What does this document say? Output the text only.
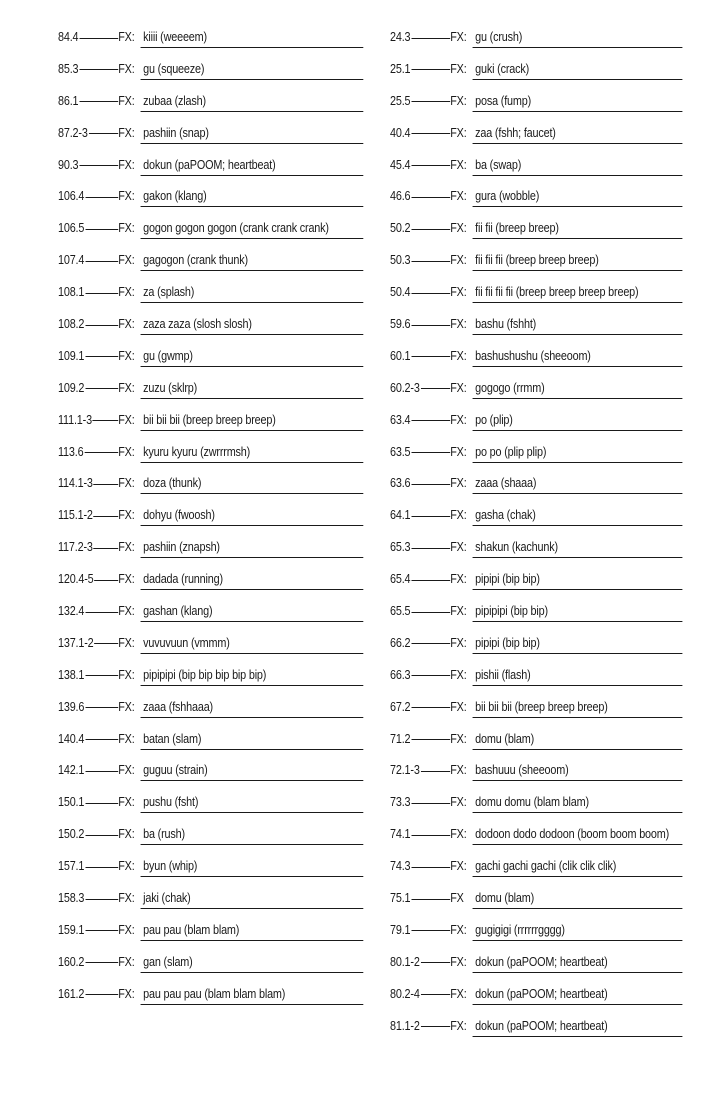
84.4	FX: kiiii (weeeem)
85.3	FX: gu (squeeze)
86.1	FX: zubaa (zlash)
87.2-3	FX: pashiin (snap)
90.3	FX: dokun (paPOOM; heartbeat)
106.4	FX: gakon (klang)
106.5	FX: gogon gogon gogon (crank crank crank)
107.4	FX: gagogon (crank thunk)
108.1	FX: za (splash)
108.2	FX: zaza zaza (slosh slosh)
109.1	FX: gu (gwmp)
109.2	FX: zuzu (sklrp)
111.1-3	FX: bii bii bii (breep breep breep)
113.6	FX: kyuru kyuru (zwrrrmsh)
114.1-3	FX: doza (thunk)
115.1-2	FX: dohyu (fwoosh)
117.2-3	FX: pashiin (znapsh)
120.4-5	FX: dadada (running)
132.4	FX: gashan (klang)
137.1-2	FX: vuvuvuun (vmmm)
138.1	FX: pipipipi (bip bip bip bip bip)
139.6	FX: zaaa (fshhaaa)
140.4	FX: batan (slam)
142.1	FX: guguu (strain)
150.1	FX: pushu (fsht)
150.2	FX: ba (rush)
157.1	FX: byun (whip)
158.3	FX: jaki (chak)
159.1	FX: pau pau (blam blam)
160.2	FX: gan (slam)
161.2	FX: pau pau pau (blam blam blam)
24.3	FX: gu (crush)
25.1	FX: guki (crack)
25.5	FX: posa (fump)
40.4	FX: zaa (fshh; faucet)
45.4	FX: ba (swap)
46.6	FX: gura (wobble)
50.2	FX: fii fii (breep breep)
50.3	FX: fii fii fii (breep breep breep)
50.4	FX: fii fii fii fii (breep breep breep breep)
59.6	FX: bashu (fshht)
60.1	FX: bashushushu (sheeoom)
60.2-3	FX: gogogo (rrmm)
63.4	FX: po (plip)
63.5	FX: po po (plip plip)
63.6	FX: zaaa (shaaa)
64.1	FX: gasha (chak)
65.3	FX: shakun (kachunk)
65.4	FX: pipipi (bip bip)
65.5	FX: pipipipi (bip bip)
66.2	FX: pipipi (bip bip)
66.3	FX: pishii (flash)
67.2	FX: bii bii bii (breep breep breep)
71.2	FX: domu (blam)
72.1-3	FX: bashuuu (sheeoom)
73.3	FX: domu domu (blam blam)
74.1	FX: dodoon dodo dodoon (boom boom boom)
74.3	FX: gachi gachi gachi (clik clik clik)
75.1	FX domu (blam)
79.1	FX: gugigigi (rrrrrrgggg)
80.1-2	FX: dokun (paPOOM; heartbeat)
80.2-4	FX: dokun (paPOOM; heartbeat)
81.1-2	FX: dokun (paPOOM; heartbeat)
